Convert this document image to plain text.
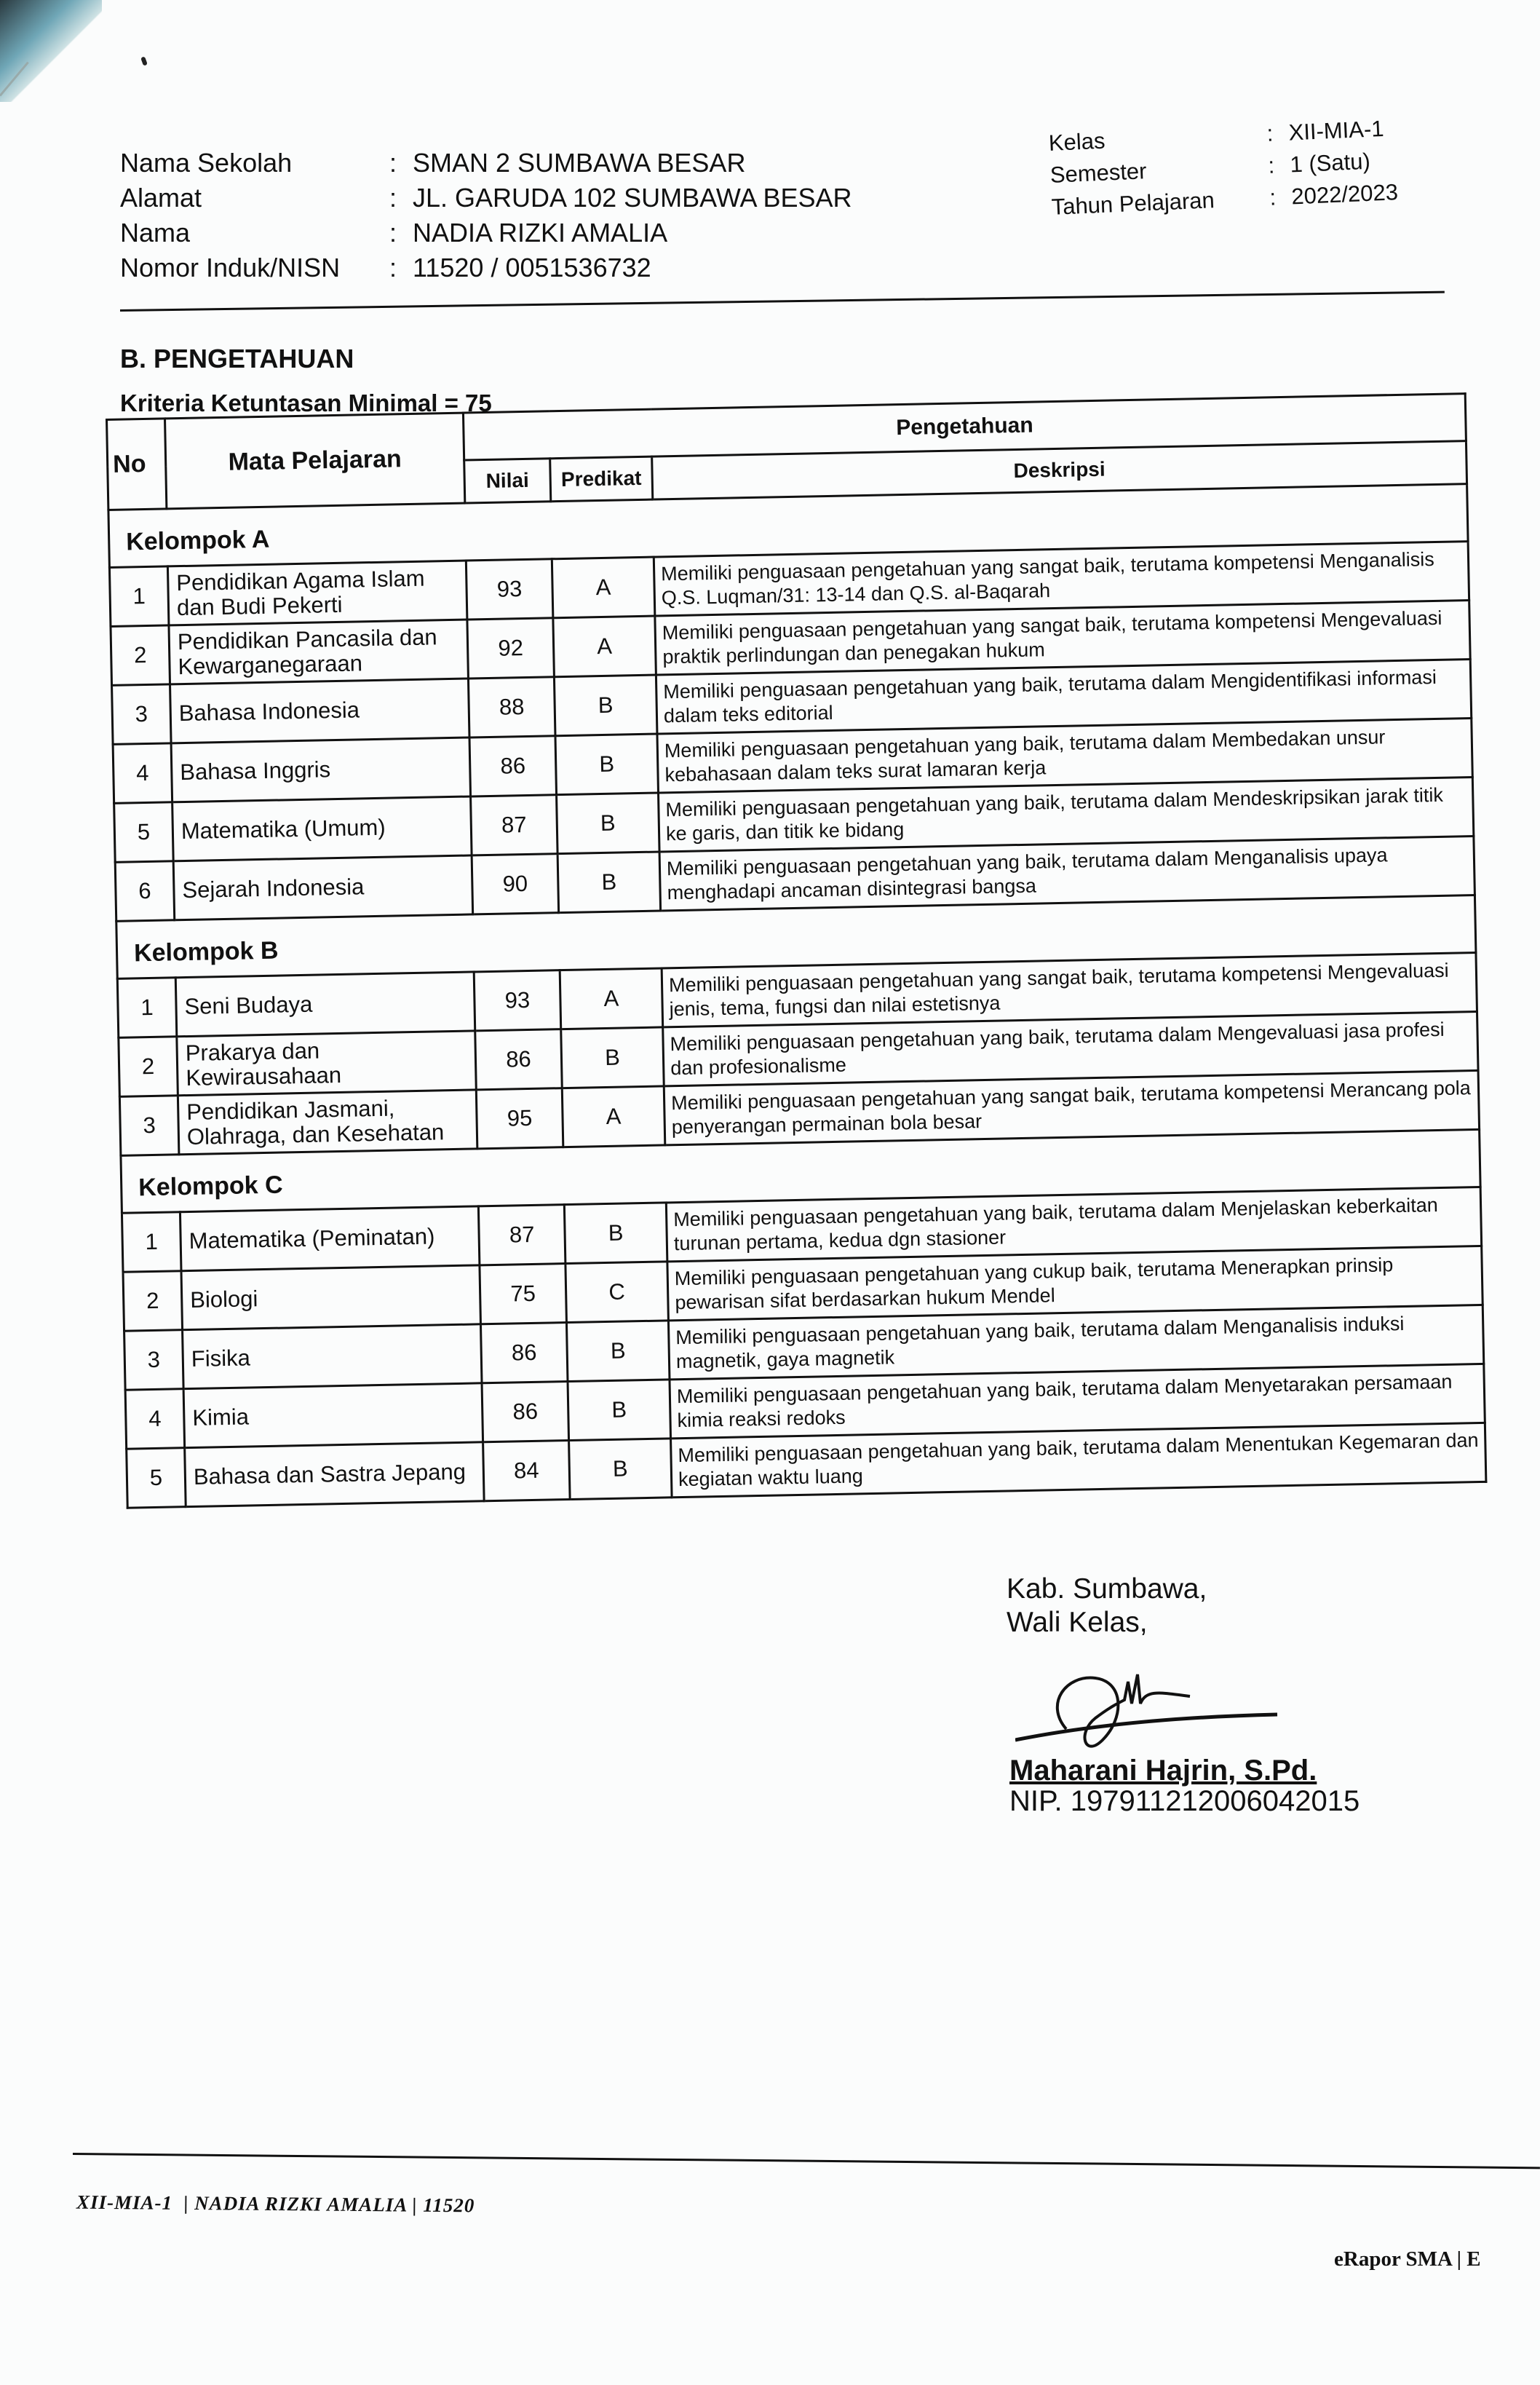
Nama Sekolah	: SMAN 2 SUMBAWA BESAR
Alamat	: JL. GARUDA 102 SUMBAWA BESAR
Nama	: NADIA RIZKI AMALIA
Nomor Induk/NISN	: 11520 / 0051536732
Kelas	: XII-MIA-1
Semester	: 1 (Satu)
Tahun Pelajaran	: 2022/2023
B. PENGETAHUAN
Kriteria Ketuntasan Minimal = 75
No	Mata Pelajaran	Pengetahuan		
		Nilai	Predikat	Deskripsi
Kelompok A				
1	Pendidikan Agama Islam dan Budi Pekerti	93	A	Memiliki penguasaan pengetahuan yang sangat baik, terutama kompetensi Menganalisis Q.S. Luqman/31: 13-14 dan Q.S. al-Baqarah
2	Pendidikan Pancasila dan Kewarganegaraan	92	A	Memiliki penguasaan pengetahuan yang sangat baik, terutama kompetensi Mengevaluasi praktik perlindungan dan penegakan hukum
3	Bahasa Indonesia	88	B	Memiliki penguasaan pengetahuan yang baik, terutama dalam Mengidentifikasi informasi dalam teks editorial
4	Bahasa Inggris	86	B	Memiliki penguasaan pengetahuan yang baik, terutama dalam Membedakan unsur kebahasaan dalam teks surat lamaran kerja
5	Matematika (Umum)	87	B	Memiliki penguasaan pengetahuan yang baik, terutama dalam Mendeskripsikan jarak titik ke garis, dan titik ke bidang
6	Sejarah Indonesia	90	B	Memiliki penguasaan pengetahuan yang baik, terutama dalam Menganalisis upaya menghadapi ancaman disintegrasi bangsa
Kelompok B				
1	Seni Budaya	93	A	Memiliki penguasaan pengetahuan yang sangat baik, terutama kompetensi Mengevaluasi jenis, tema, fungsi dan nilai estetisnya
2	Prakarya dan Kewirausahaan	86	B	Memiliki penguasaan pengetahuan yang baik, terutama dalam Mengevaluasi jasa profesi dan profesionalisme
3	Pendidikan Jasmani, Olahraga, dan Kesehatan	95	A	Memiliki penguasaan pengetahuan yang sangat baik, terutama kompetensi Merancang pola penyerangan permainan bola besar
Kelompok C				
1	Matematika (Peminatan)	87	B	Memiliki penguasaan pengetahuan yang baik, terutama dalam Menjelaskan keberkaitan turunan pertama, kedua dgn stasioner
2	Biologi	75	C	Memiliki penguasaan pengetahuan yang cukup baik, terutama Menerapkan prinsip pewarisan sifat berdasarkan hukum Mendel
3	Fisika	86	B	Memiliki penguasaan pengetahuan yang baik, terutama dalam Menganalisis induksi magnetik, gaya magnetik
4	Kimia	86	B	Memiliki penguasaan pengetahuan yang baik, terutama dalam Menyetarakan persamaan kimia reaksi redoks
5	Bahasa dan Sastra Jepang	84	B	Memiliki penguasaan pengetahuan yang baik, terutama dalam Menentukan Kegemaran dan kegiatan waktu luang
Kab. Sumbawa,
Wali Kelas,
Maharani Hajrin, S.Pd.
NIP. 197911212006042015
XII-MIA-1  | NADIA RIZKI AMALIA | 11520
eRapor SMA | E
